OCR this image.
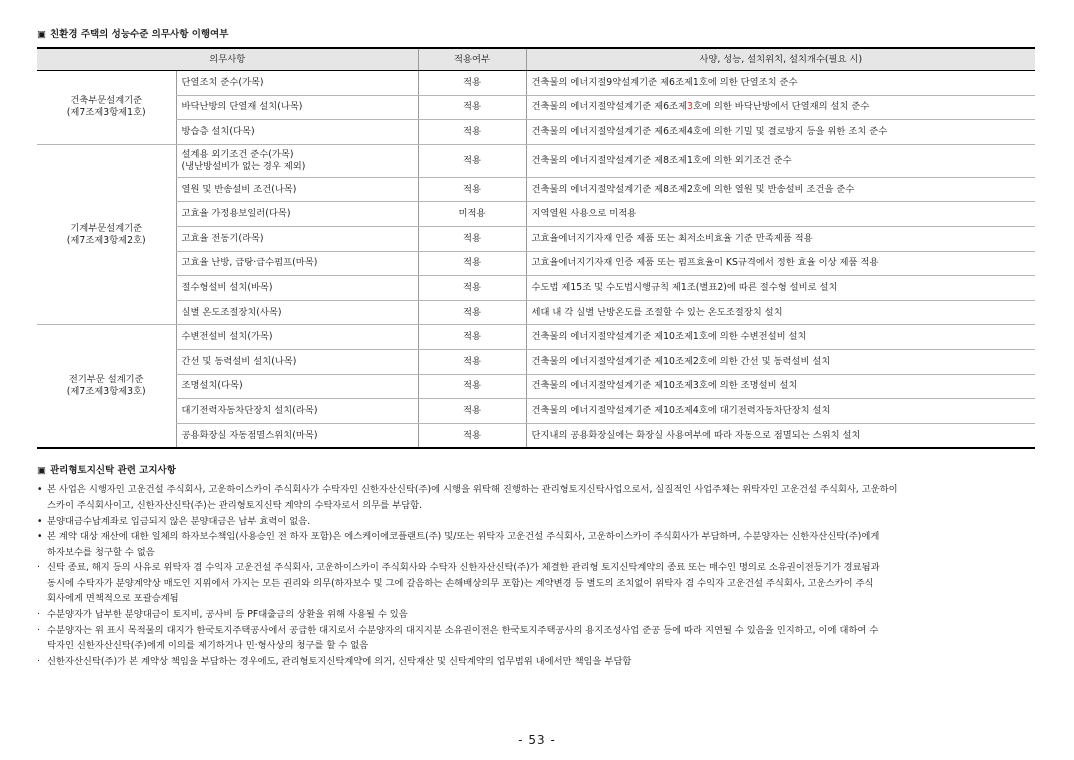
▣ 친환경 주택의 성능수준 의무사항 이행여부
의무사항		적용여부	사양, 성능, 설치위치, 설치개수(필요 시)

건축부문설계기준
(제7조제3항제1호)	단열조치 준수(가목)	적용	건축물의 에너지절9약설계기준 제6조제1호에 의한 단열조치 준수

	바닥난방의 단열재 설치(나목)	적용	건축물의 에너지절약설계기준 제6조제3호에 의한 바닥난방에서 단열재의 설치 준수

	방습층 설치(다목)	적용	건축물의 에너지절약설계기준 제6조제4호에 의한 기밀 및 결로방지 등을 위한 조치 준수

기계부문설계기준
(제7조제3항제2호)	설계용 외기조건 준수(가목)
(냉난방설비가 없는 경우 제외)	적용	건축물의 에너지절약설계기준 제8조제1호에 의한 외기조건 준수

	열원 및 반송설비 조건(나목)	적용	건축물의 에너지절약설계기준 제8조제2호에 의한 열원 및 반송설비 조건을 준수

	고효율 가정용보일러(다목)	미적용	지역열원 사용으로 미적용

	고효율 전동기(라목)	적용	고효율에너지기자재 인증 제품 또는 최저소비효율 기준 만족제품 적용

	고효율 난방, 급탕·급수펌프(마목)	적용	고효율에너지기자재 인증 제품 또는 펌프효율이 KS규격에서 정한 효율 이상 제품 적용

	절수형설비 설치(바목)	적용	수도법 제15조 및 수도법시행규칙 제1조(별표2)에 따른 절수형 설비로 설치

	실별 온도조절장치(사목)	적용	세대 내 각 실별 난방온도를 조절할 수 있는 온도조절장치 설치

전기부문 설계기준
(제7조제3항제3호)	수변전설비 설치(가목)	적용	건축물의 에너지절약설계기준 제10조제1호에 의한 수변전설비 설치

	간선 및 동력설비 설치(나목)	적용	건축물의 에너지절약설계기준 제10조제2호에 의한 간선 및 동력설비 설치

	조명설치(다목)	적용	건축물의 에너지절약설계기준 제10조제3호에 의한 조명설비 설치

	대기전력자동차단장치 설치(라목)	적용	건축물의 에너지절약설계기준 제10조제4호에 대기전력자동차단장치 설치

	공용화장실 자동점멸스위치(마목)	적용	단지내의 공용화장실에는 화장실 사용여부에 따라 자동으로 점멸되는 스위치 설치
▣ 관리형토지신탁 관련 고지사항
• 본 사업은 시행자인 고운건설 주식회사, 고운하이스카이 주식회사가 수탁자인 신한자산신탁(주)에 시행을 위탁해 진행하는 관리형토지신탁사업으로서, 실질적인 사업주체는 위탁자인 고운건설 주식회사, 고운하이
스카이 주식회사이고, 신한자산신탁(주)는 관리형토지신탁 계약의 수탁자로서 의무를 부담함.
• 분양대금수납계좌로 입금되지 않은 분양대금은 납부 효력이 없음.
• 본 계약 대상 재산에 대한 일체의 하자보수책임(사용승인 전 하자 포함)은 에스케이에코플랜트(주) 및/또는 위탁자 고운건설 주식회사, 고운하이스카이 주식회사가 부담하며, 수분양자는 신한자산신탁(주)에게
하자보수를 청구할 수 없음
· 신탁 종료, 해지 등의 사유로 위탁자 겸 수익자 고운건설 주식회사, 고운하이스카이 주식회사와 수탁자 신한자산신탁(주)가 체결한 관리형 토지신탁계약의 종료 또는 매수인 명의로 소유권이전등기가 경료됨과
동시에 수탁자가 분양계약상 매도인 지위에서 가지는 모든 권리와 의무(하자보수 및 그에 갈음하는 손해배상의무 포함)는 계약변경 등 별도의 조치없이 위탁자 겸 수익자 고운건설 주식회사, 고운스카이 주식
회사에게 면책적으로 포괄승계됨
· 수분양자가 납부한 분양대금이 토지비, 공사비 등 PF대출금의 상환을 위해 사용될 수 있음
· 수분양자는 위 표시 목적물의 대지가 한국토지주택공사에서 공급한 대지로서 수분양자의 대지지분 소유권이전은 한국토지주택공사의 용지조성사업 준공 등에 따라 지연될 수 있음을 인지하고, 이에 대하여 수
탁자인 신한자산신탁(주)에게 이의를 제기하거나 민·형사상의 청구를 할 수 없음
· 신한자산신탁(주)가 본 계약상 책임을 부담하는 경우에도, 관리형토지신탁계약에 의거, 신탁재산 및 신탁계약의 업무범위 내에서만 책임을 부담함
- 53 -
